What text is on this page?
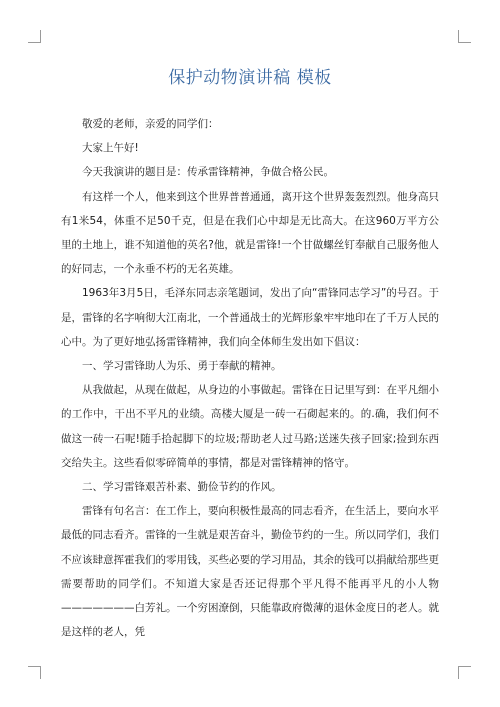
保护动物演讲稿 模板

敬爱的老师，亲爱的同学们：

大家上午好!

今天我演讲的题目是：传承雷锋精神，争做合格公民。

有这样一个人，他来到这个世界普普通通，离开这个世界轰轰烈烈。他身高只有1米54，体重不足50千克，但是在我们心中却是无比高大。在这960万平方公里的土地上，谁不知道他的英名?他，就是雷锋!一个甘做螺丝钉奉献自己服务他人的好同志，一个永垂不朽的无名英雄。

1963年3月5日，毛泽东同志亲笔题词，发出了向“雷锋同志学习”的号召。于是，雷锋的名字响彻大江南北，一个普通战士的光辉形象牢牢地印在了千万人民的心中。为了更好地弘扬雷锋精神，我们向全体师生发出如下倡议：

一、学习雷锋助人为乐、勇于奉献的精神。

从我做起，从现在做起，从身边的小事做起。雷锋在日记里写到：在平凡细小的工作中，干出不平凡的业绩。高楼大厦是一砖一石砌起来的。的.确，我们何不做这一砖一石呢!随手拾起脚下的垃圾;帮助老人过马路;送迷失孩子回家;捡到东西交给失主。这些看似零碎简单的事情，都是对雷锋精神的恪守。

二、学习雷锋艰苦朴素、勤俭节约的作风。

雷锋有句名言：在工作上，要向积极性最高的同志看齐，在生活上，要向水平最低的同志看齐。雷锋的一生就是艰苦奋斗，勤俭节约的一生。所以同学们，我们不应该肆意挥霍我们的零用钱，买些必要的学习用品，其余的钱可以捐献给那些更需要帮助的同学们。不知道大家是否还记得那个平凡得不能再平凡的小人物———————白芳礼。一个穷困潦倒，只能靠政府微薄的退休金度日的老人。就是这样的老人，凭
